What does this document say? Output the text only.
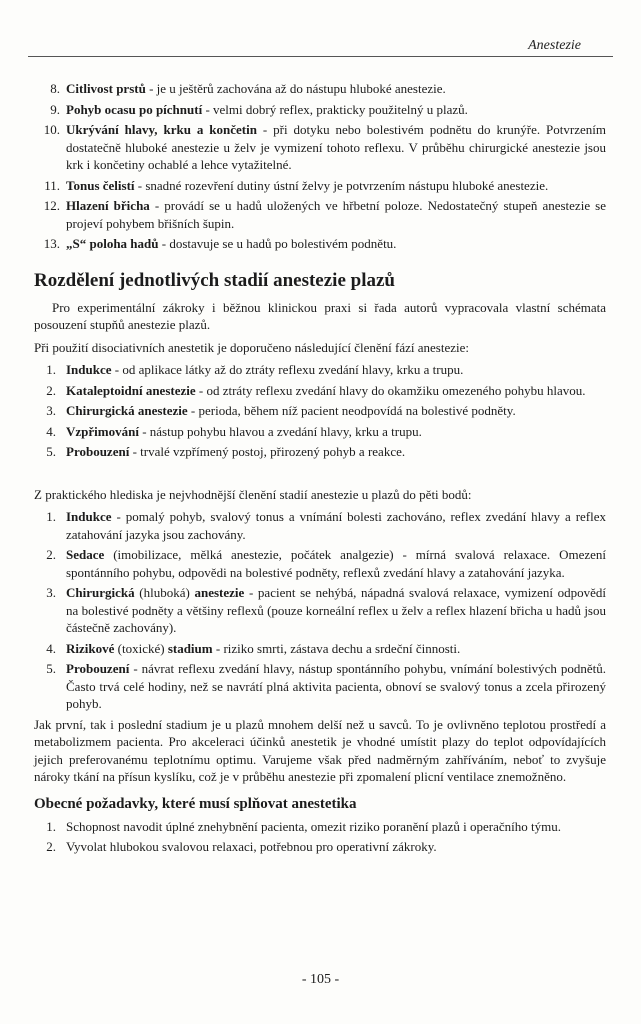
Anestezie
8. Citlivost prstů - je u ještěrů zachována až do nástupu hluboké anestezie.
9. Pohyb ocasu po píchnutí - velmi dobrý reflex, prakticky použitelný u plazů.
10. Ukrývání hlavy, krku a končetin - při dotyku nebo bolestivém podnětu do krunýře. Potvrzením dostatečně hluboké anestezie u želv je vymizení tohoto reflexu. V průběhu chirurgické anestezie jsou krk i končetiny ochablé a lehce vytažitelné.
11. Tonus čelistí - snadné rozevření dutiny ústní želvy je potvrzením nástupu hluboké anestezie.
12. Hlazení břicha - provádí se u hadů uložených ve hřbetní poloze. Nedostatečný stupeň anestezie se projeví pohybem břišních šupin.
13. „S“ poloha hadů - dostavuje se u hadů po bolestivém podnětu.
Rozdělení jednotlivých stadií anestezie plazů

Pro experimentální zákroky i běžnou klinickou praxi si řada autorů vypracovala vlastní schémata posouzení stupňů anestezie plazů.

Při použití disociativních anestetik je doporučeno následující členění fází anestezie:

1. Indukce - od aplikace látky až do ztráty reflexu zvedání hlavy, krku a trupu.
2. Kataleptoidní anestezie - od ztráty reflexu zvedání hlavy do okamžiku omezeného pohybu hlavou.
3. Chirurgická anestezie - perioda, během níž pacient neodpovídá na bolestivé podněty.
4. Vzpřimování - nástup pohybu hlavou a zvedání hlavy, krku a trupu.
5. Probouzení - trvalé vzpřímený postoj, přirozený pohyb a reakce.

Z praktického hlediska je nejvhodnější členění stadií anestezie u plazů do pěti bodů:

1. Indukce - pomalý pohyb, svalový tonus a vnímání bolesti zachováno, reflex zvedání hlavy a reflex zatahování jazyka jsou zachovány.
2. Sedace (imobilizace, mělká anestezie, počátek analgezie) - mírná svalová relaxace. Omezení spontánního pohybu, odpovědi na bolestivé podněty, reflexů zvedání hlavy a zatahování jazyka.
3. Chirurgická (hluboká) anestezie - pacient se nehýbá, nápadná svalová relaxace, vymizení odpovědí na bolestivé podněty a většiny reflexů (pouze korneální reflex u želv a reflex hlazení břicha u hadů jsou částečně zachovány).
4. Rizikové (toxické) stadium - riziko smrti, zástava dechu a srdeční činnosti.
5. Probouzení - návrat reflexu zvedání hlavy, nástup spontánního pohybu, vnímání bolestivých podnětů. Často trvá celé hodiny, než se navrátí plná aktivita pacienta, obnoví se svalový tonus a zcela přirozený pohyb.

Jak první, tak i poslední stadium je u plazů mnohem delší než u savců. To je ovlivněno teplotou prostředí a metabolizmem pacienta. Pro akceleraci účinků anestetik je vhodné umístit plazy do teplot odpovídajících jejich preferovanému teplotnímu optimu. Varujeme však před nadměrným zahříváním, neboť to zvyšuje nároky tkání na přísun kyslíku, což je v průběhu anestezie při zpomalení plicní ventilace znemožněno.

Obecné požadavky, které musí splňovat anestetika
1. Schopnost navodit úplné znehybnění pacienta, omezit riziko poranění plazů i operačního týmu.
2. Vyvolat hlubokou svalovou relaxaci, potřebnou pro operativní zákroky.
- 105 -
